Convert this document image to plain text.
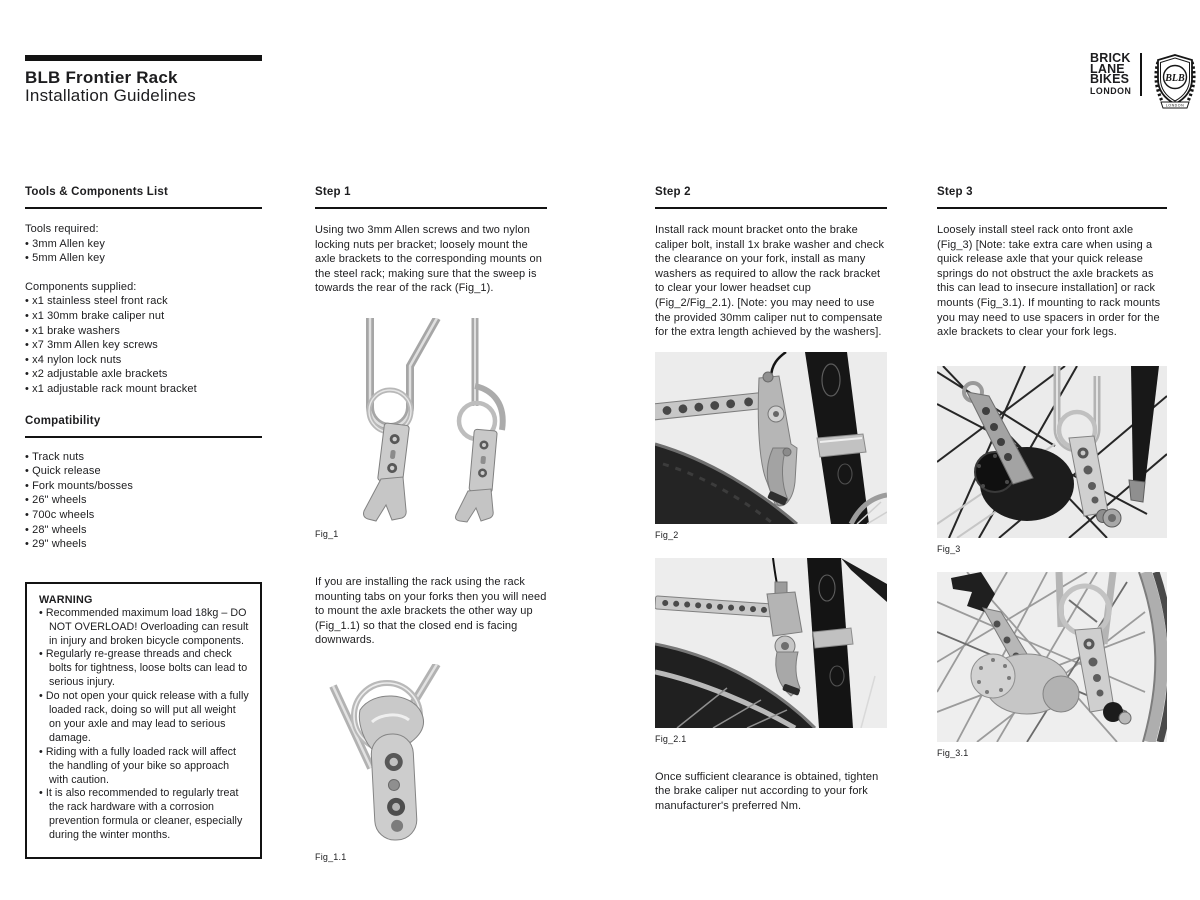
BLB Frontier Rack
Installation Guidelines
BRICK
LANE
BIKES
LONDON
BLB
LONDON
Tools & Components List

Tools required:

• 3mm Allen key
• 5mm Allen key

Components supplied:

• x1 stainless steel front rack
• x1 30mm brake caliper nut
• x1 brake washers
• x7 3mm Allen key screws
• x4 nylon lock nuts
• x2 adjustable axle brackets
• x1 adjustable rack mount bracket
Compatibility
• Track nuts
• Quick release
• Fork mounts/bosses
• 26" wheels
• 700c wheels
• 28" wheels
• 29" wheels

WARNING

• Recommended maximum load 18kg – DO NOT OVERLOAD! Overloading can result in injury and broken bicycle components.
• Regularly re-grease threads and check bolts for tightness, loose bolts can lead to serious injury.
• Do not open your quick release with a fully loaded rack, doing so will put all weight on your axle and may lead to serious damage.
• Riding with a fully loaded rack will affect the handling of your bike so approach with caution.
• It is also recommended to regularly treat the rack hardware with a corrosion prevention formula or cleaner, especially during the winter months.
Step 1

Using two 3mm Allen screws and two nylon locking nuts per bracket; loosely mount the axle brackets to the corresponding mounts on the steel rack; making sure that the sweep is towards the rear of the rack (Fig_1).

Fig_1

If you are installing the rack using the rack mounting tabs on your forks then you will need to mount the axle brackets the other way up (Fig_1.1) so that the closed end is facing downwards.

Fig_1.1
Step 2

Install rack mount bracket onto the brake caliper bolt, install 1x brake washer and check the clearance on your fork, install as many washers as required to allow the rack bracket to clear your lower headset cup (Fig_2/Fig_2.1). [Note: you may need to use the provided 30mm caliper nut to compensate for the extra length achieved by the washers].

Fig_2
Fig_2.1

Once sufficient clearance is obtained, tighten the brake caliper nut according to your fork manufacturer's preferred Nm.

Step 3

Loosely install steel rack onto front axle (Fig_3) [Note: take extra care when using a quick release axle that your quick release springs do not obstruct the axle brackets as this can lead to insecure installation] or rack mounts (Fig_3.1). If mounting to rack mounts you may need to use spacers in order for the axle brackets to clear your fork legs.

Fig_3
Fig_3.1
